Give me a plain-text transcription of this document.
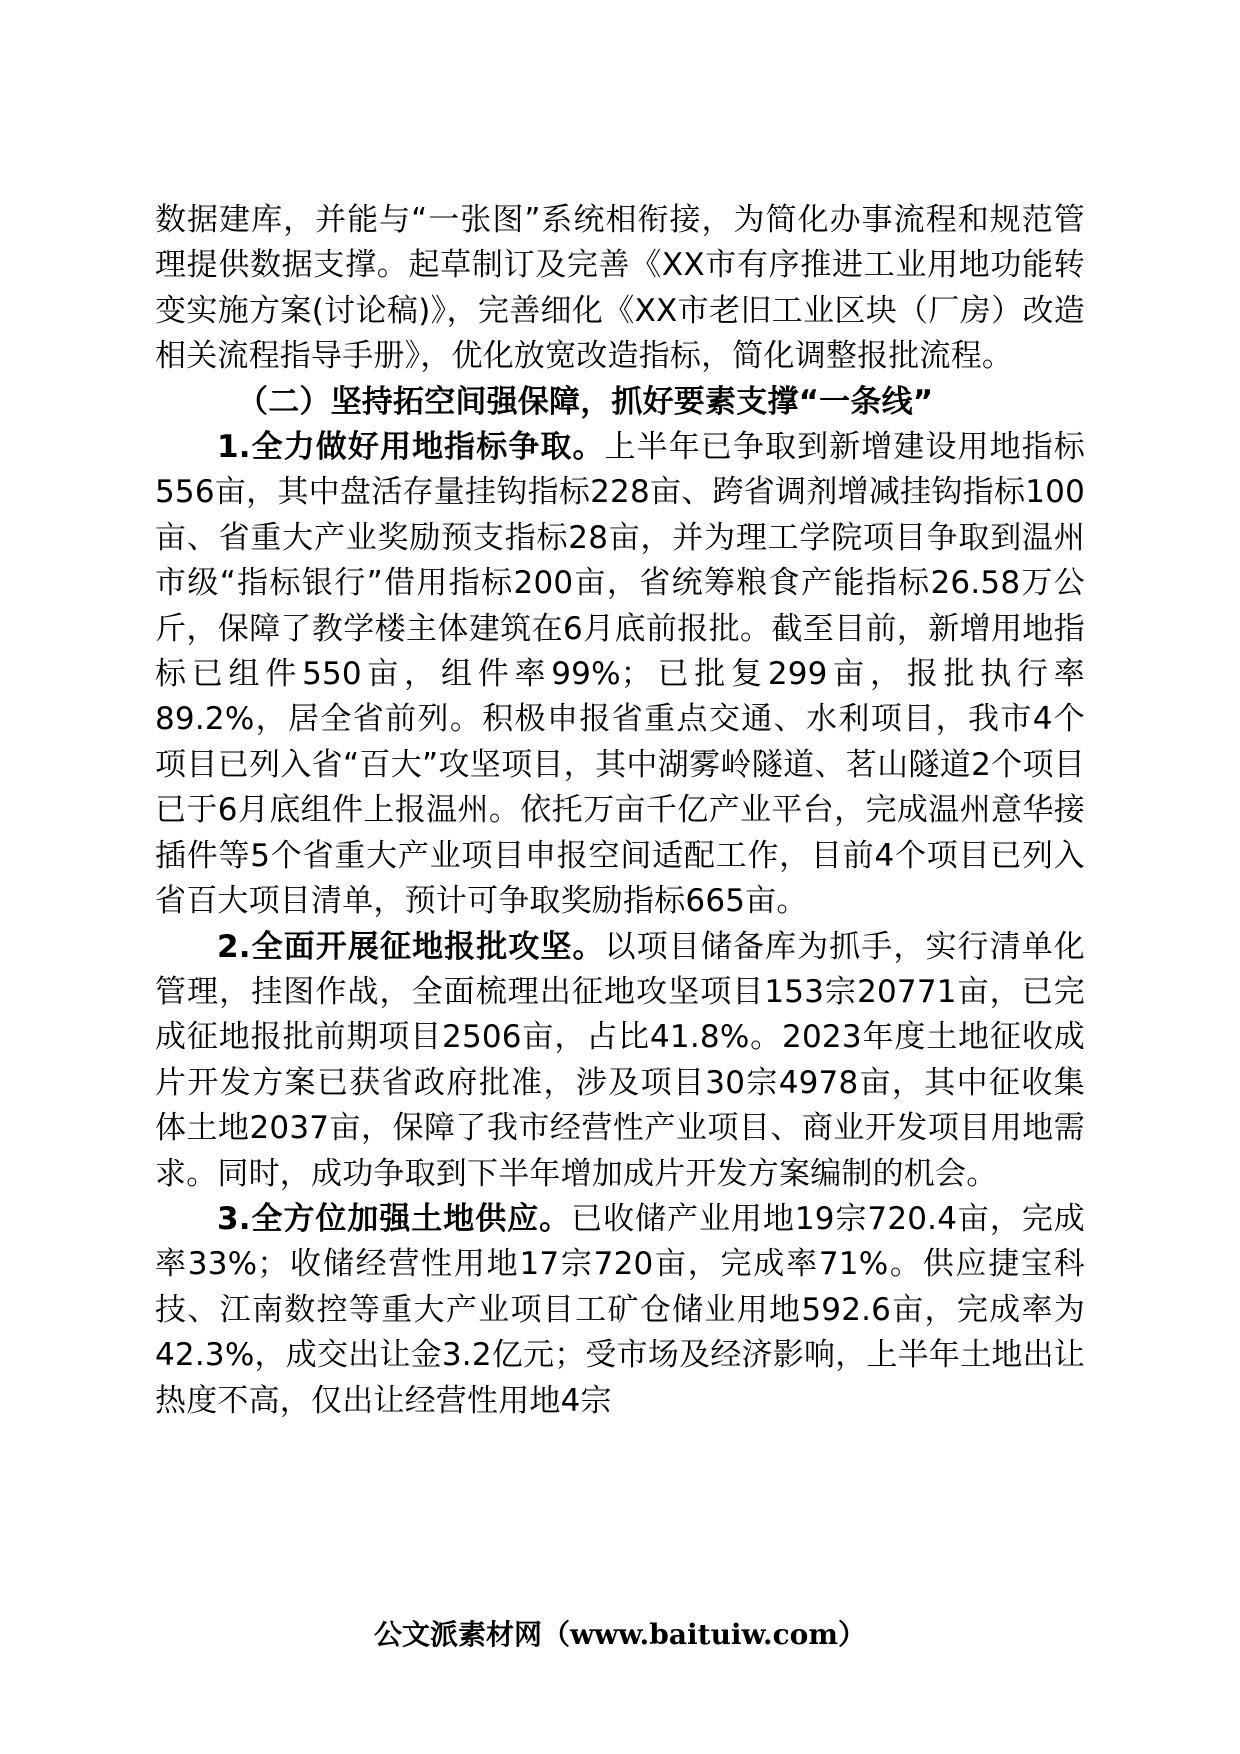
数据建库，并能与“一张图”系统相衔接，为简化办事流程和规范管理提供数据支撑。起草制订及完善《XX市有序推进工业用地功能转变实施方案(讨论稿)》，完善细化《XX市老旧工业区块（厂房）改造相关流程指导手册》，优化放宽改造指标，简化调整报批流程。

（二）坚持拓空间强保障，抓好要素支撑“一条线”

1.全力做好用地指标争取。上半年已争取到新增建设用地指标556亩，其中盘活存量挂钩指标228亩、跨省调剂增减挂钩指标100亩、省重大产业奖励预支指标28亩，并为理工学院项目争取到温州市级“指标银行”借用指标200亩，省统筹粮食产能指标26.58万公斤，保障了教学楼主体建筑在6月底前报批。截至目前，新增用地指标已组件550亩，组件率99%；已批复299亩，报批执行率89.2%，居全省前列。积极申报省重点交通、水利项目，我市4个项目已列入省“百大”攻坚项目，其中湖雾岭隧道、茗山隧道2个项目已于6月底组件上报温州。依托万亩千亿产业平台，完成温州意华接插件等5个省重大产业项目申报空间适配工作，目前4个项目已列入省百大项目清单，预计可争取奖励指标665亩。

2.全面开展征地报批攻坚。以项目储备库为抓手，实行清单化管理，挂图作战，全面梳理出征地攻坚项目153宗20771亩，已完成征地报批前期项目2506亩，占比41.8%。2023年度土地征收成片开发方案已获省政府批准，涉及项目30宗4978亩，其中征收集体土地2037亩，保障了我市经营性产业项目、商业开发项目用地需求。同时，成功争取到下半年增加成片开发方案编制的机会。

3.全方位加强土地供应。已收储产业用地19宗720.4亩，完成率33%；收储经营性用地17宗720亩，完成率71%。供应捷宝科技、江南数控等重大产业项目工矿仓储业用地592.6亩，完成率为42.3%，成交出让金3.2亿元；受市场及经济影响，上半年土地出让热度不高，仅出让经营性用地4宗

公文派素材网（www.baituiw.com）
